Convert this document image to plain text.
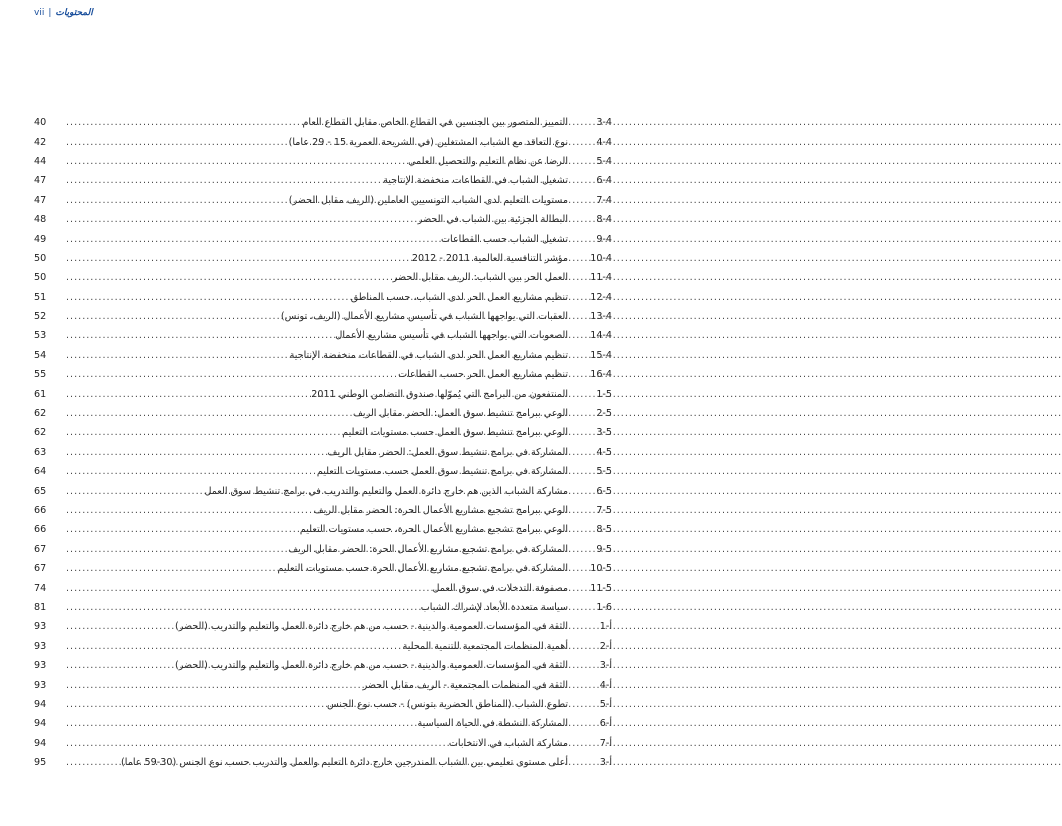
vii | المحتويات
3-4
التمييز المتصور بين الجنسين في القطاع الخاص مقابل القطاع العام
.....
40
4-4
نوع التعاقد مع الشباب المشتغلين (في الشريحة العمرية 15 - 29 عاما)
.....
42
5-4
الرضا عن نظام التعليم والتحصيل العلمي
.....
44
6-4
تشغيل الشباب في القطاعات منخفضة الإنتاجية
.....
47
7-4
مستويات التعليم لدى الشباب التونسيين العاملين (الريف مقابل الحضر)
.....
47
8-4
البطالة الجزئية بين الشباب في الحضر
.....
48
9-4
تشغيل الشباب حسب القطاعات
.....
49
10-4
مؤشر التنافسية العالمية 2011 - 2012
.....
50
11-4
العمل الحر بين الشباب: الريف مقابل الحضر
.....
50
12-4
تنظيم مشاريع العمل الحر لدى الشباب، حسب المناطق
.....
51
13-4
العقبات التي يواجهها الشباب في تأسيس مشاريع الأعمال (الريف، تونس)
.....
52
14-4
الصعوبات التي يواجهها الشباب في تأسيس مشاريع الأعمال
.....
53
15-4
تنظيم مشاريع العمل الحر لدى الشباب في القطاعات منخفضة الإنتاجية
.....
54
16-4
تنظيم مشاريع العمل الحر حسب القطاعات
.....
55
1-5
المنتفعون من البرامج التي يُموّلها صندوق التضامن الوطني 2011
.....
61
2-5
الوعي ببرامج تنشيط سوق العمل: الحضر مقابل الريف
.....
62
3-5
الوعي ببرامج تنشيط سوق العمل حسب مستويات التعليم
.....
62
4-5
المشاركة في برامج تنشيط سوق العمل: الحضر مقابل الريف
.....
63
5-5
المشاركة في برامج تنشيط سوق العمل حسب مستويات التعليم
.....
64
6-5
مشاركة الشباب الذين هم خارج دائرة العمل والتعليم والتدريب في برامج تنشيط سوق العمل
.....
65
7-5
الوعي ببرامج تشجيع مشاريع الأعمال الحرة: الحضر مقابل الريف
.....
66
8-5
الوعي ببرامج تشجيع مشاريع الأعمال الحرة، حسب مستويات التعليم
.....
66
9-5
المشاركة في برامج تشجيع مشاريع الأعمال الحرة: الحضر مقابل الريف
.....
67
10-5
المشاركة في برامج تشجيع مشاريع الأعمال الحرة حسب مستويات التعليم
.....
67
11-5
مصفوفة التدخلات في سوق العمل
.....
74
1-6
سياسة متعددة الأبعاد لإشراك الشباب
.....
81
أ-1
الثقة في المؤسسات العمومية والدينية - حسب من هم خارج دائرة العمل والتعليم والتدريب (الحضر)
.....
93
أ-2
أهمية المنظمات المجتمعية للتنمية المحلية
.....
93
أ-3
الثقة في المؤسسات العمومية والدينية - حسب من هم خارج دائرة العمل والتعليم والتدريب (الحضر)
.....
93
أ-4
الثقة في المنظمات المجتمعية - الريف مقابل الحضر
.....
93
أ-5
تطوع الشباب (المناطق الحضرية بتونس) - حسب نوع الجنس
.....
94
أ-6
المشاركة النشطة في الحياة السياسية
.....
94
أ-7
مشاركة الشباب في الانتخابات
.....
94
أ-3
أعلى مستوى تعليمي بين الشباب المندرجين خارج دائرة التعليم والعمل والتدريب حسب نوع الجنس (30-59 عاما)
.....
95
